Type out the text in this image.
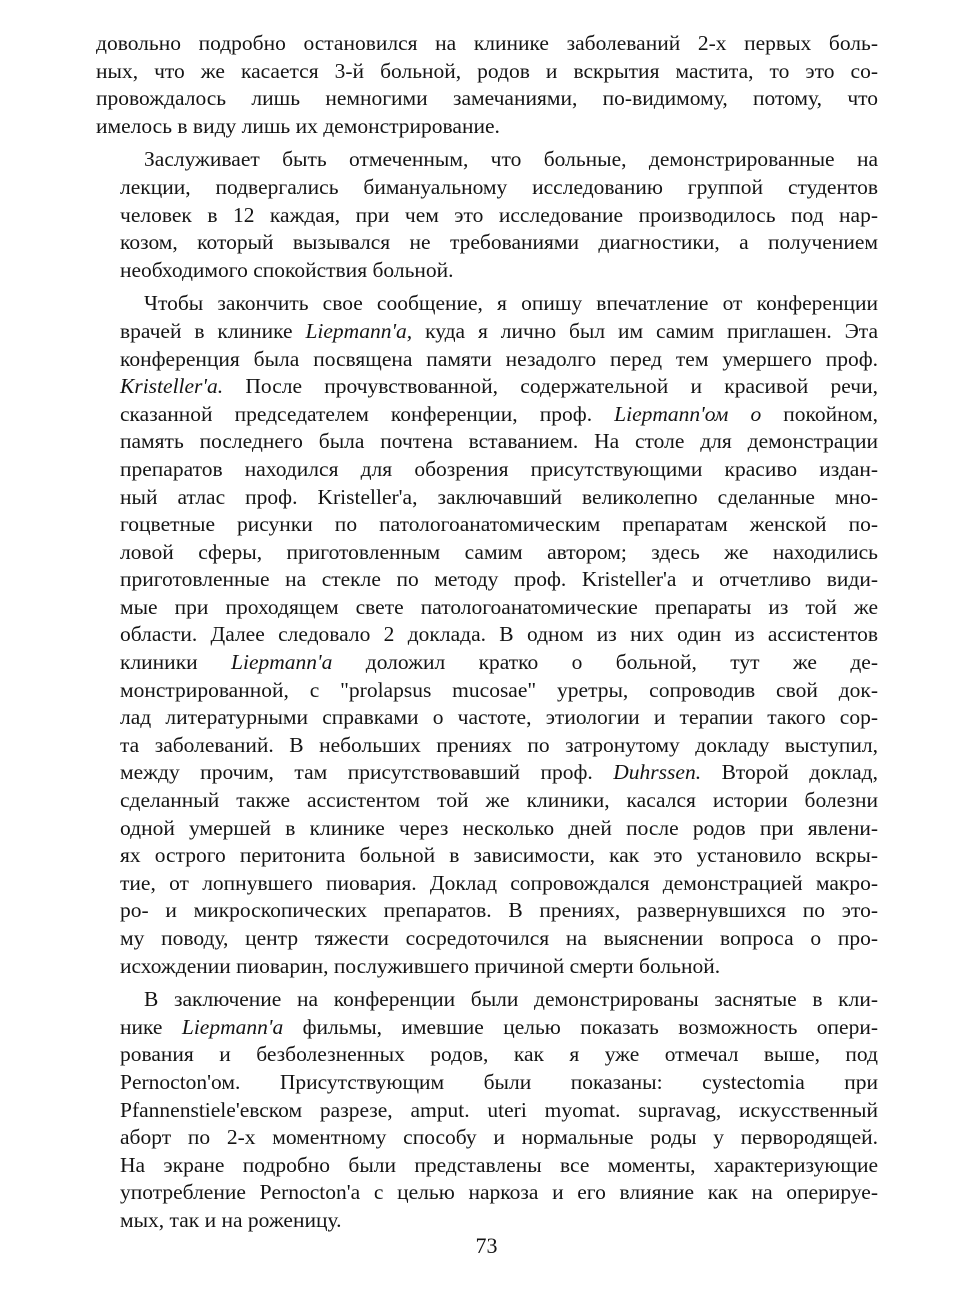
довольно подробно остановился на клинике заболеваний 2-х первых боль-
ных, что же касается 3-й больной, родов и вскрытия мастита, то это со-
провождалось лишь немногими замечаниями, по-видимому, потому, что
имелось в виду лишь их демонстрирование.
Заслуживает быть отмеченным, что больные, демонстрированные на
лекции, подвергались бимануальному исследованию группой студентов
человек в 12 каждая, при чем это исследование производилось под нар-
козом, который вызывался не требованиями диагностики, а получением
необходимого спокойствия больной.
Чтобы закончить свое сообщение, я опишу впечатление от конференции
врачей в клинике Liepmann'a, куда я лично был им самим приглашен. Эта
конференция была посвящена памяти незадолго перед тем умершего проф.
Kristeller'a. После прочувствованной, содержательной и красивой речи,
сказанной председателем конференции, проф. Liepmann'ом о покойном,
память последнего была почтена вставанием. На столе для демонстрации
препаратов находился для обозрения присутствующими красиво издан-
ный атлас проф. Kristeller'а, заключавший великолепно сделанные мно-
гоцветные рисунки по патологоанатомическим препаратам женской по-
ловой сферы, приготовленным самим автором; здесь же находились
приготовленные на стекле по методу проф. Kristeller'a и отчетливо види-
мые при проходящем свете патологоанатомические препараты из той же
области. Далее следовало 2 доклада. В одном из них один из ассистентов
клиники Liepmann'a доложил кратко о больной, тут же де-
монстрированной, с "prolapsus mucosae" уретры, сопроводив свой док-
лад литературными справками о частоте, этиологии и терапии такого сор-
та заболеваний. В небольших прениях по затронутому докладу выступил,
между прочим, там присутствовавший проф. Duhrssen. Второй доклад,
сделанный также ассистентом той же клиники, касался истории болезни
одной умершей в клинике через несколько дней после родов при явлени-
ях острого перитонита больной в зависимости, как это установило вскры-
тие, от лопнувшего пиовария. Доклад сопровождался демонстрацией макро-
ро- и микроскопических препаратов. В прениях, развернувшихся по это-
му поводу, центр тяжести сосредоточился на выяснении вопроса о про-
исхождении пиоварин, послужившего причиной смерти больной.
В заключение на конференции были демонстрированы заснятые в кли-
нике Liepmann'a фильмы, имевшие целью показать возможность опери-
рования и безболезненных родов, как я уже отмечал выше, под
Pernocton'ом. Присутствующим были показаны: cystectomia при
Pfannenstiele'евском разрезе, amput. uteri myomat. supravag, искусственный
аборт по 2-х моментному способу и нормальные роды у первородящей.
На экране подробно были представлены все моменты, характеризующие
употребление Pernocton'a с целью наркоза и его влияние как на оперируе-
мых, так и на роженицу.
73
